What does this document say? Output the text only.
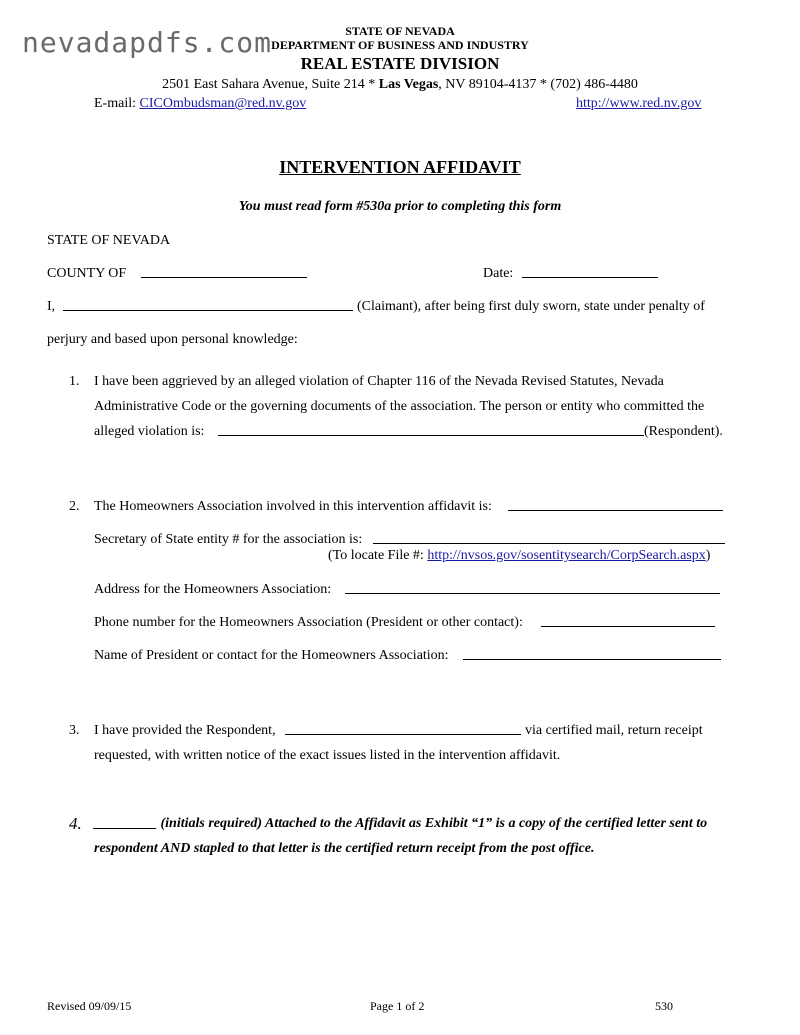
nevadapdfs.com	STATE OF NEVADA
DEPARTMENT OF BUSINESS AND INDUSTRY
REAL ESTATE DIVISION
2501 East Sahara Avenue, Suite 214 * Las Vegas, NV 89104-4137 * (702) 486-4480
E-mail: CICOmbudsman@red.nv.gov	http://www.red.nv.gov
INTERVENTION AFFIDAVIT
You must read form #530a prior to completing this form
STATE OF NEVADA
COUNTY OF	Date:
I,	(Claimant), after being first duly sworn, state under penalty of
perjury and based upon personal knowledge:
1. I have been aggrieved by an alleged violation of Chapter 116 of the Nevada Revised Statutes, Nevada
Administrative Code or the governing documents of the association. The person or entity who committed the
alleged violation is:	(Respondent).
2. The Homeowners Association involved in this intervention affidavit is:
Secretary of State entity # for the association is:
(To locate File #: http://nvsos.gov/sosentitysearch/CorpSearch.aspx)
Address for the Homeowners Association:
Phone number for the Homeowners Association (President or other contact):
Name of President or contact for the Homeowners Association:
3. I have provided the Respondent,	via certified mail, return receipt
requested, with written notice of the exact issues listed in the intervention affidavit.
4. _________ (initials required) Attached to the Affidavit as Exhibit “1” is a copy of the certified letter sent to
respondent AND stapled to that letter is the certified return receipt from the post office.
Revised 09/09/15	Page 1 of 2	530
